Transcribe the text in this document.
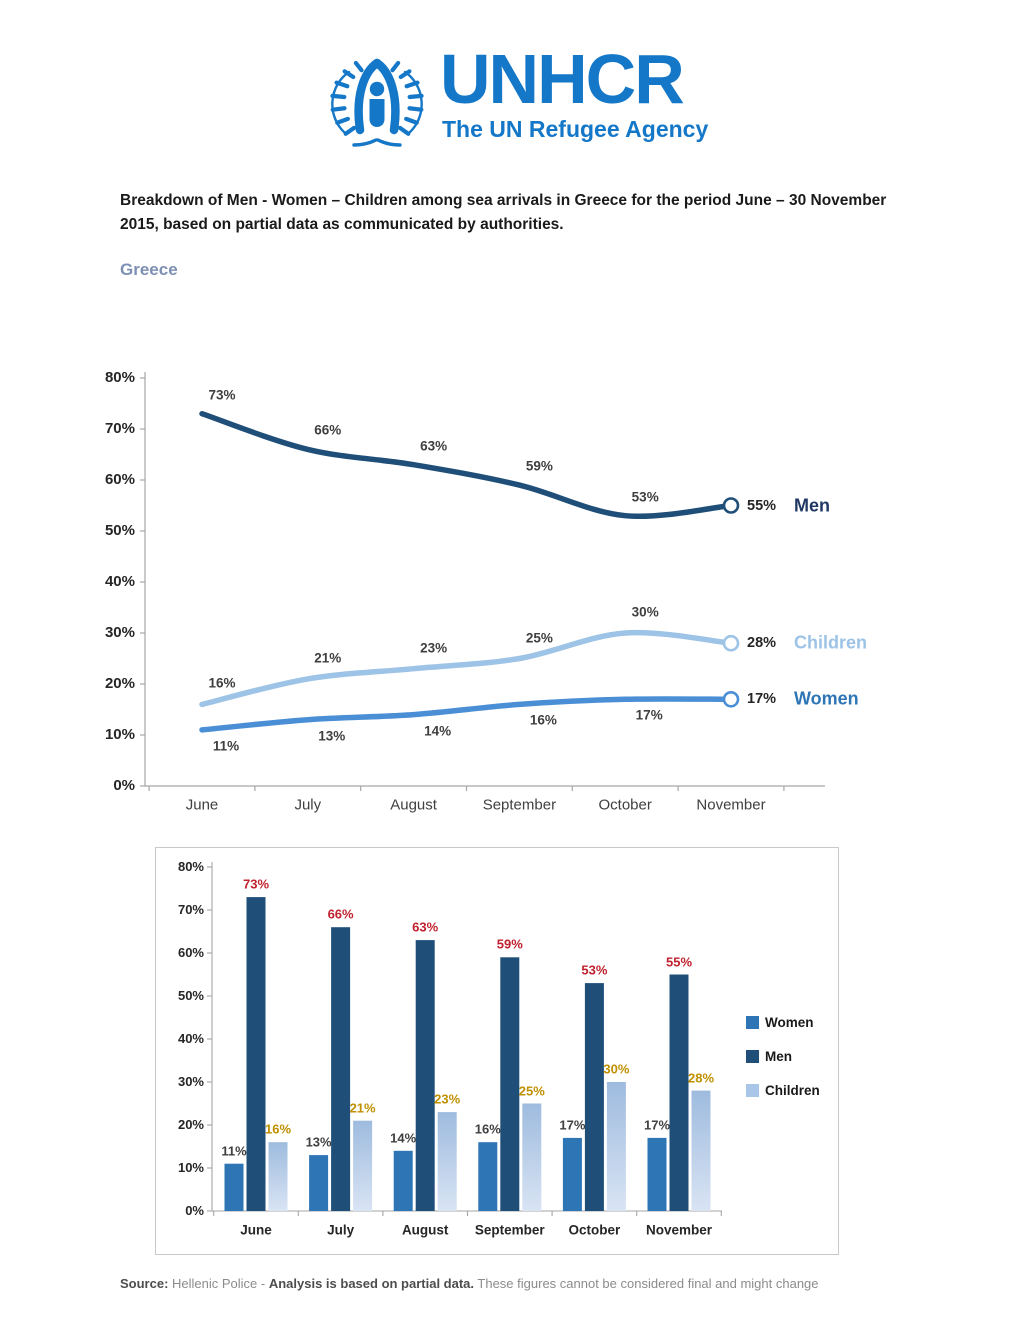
UNHCR
The UN Refugee Agency
Breakdown of Men - Women – Children among sea arrivals in Greece for the period June – 30 November 2015, based on partial data as communicated by authorities.
Greece
0%
10%
20%
30%
40%
50%
60%
70%
80%
June	July	August	September	October	November
73%
66%
63%
59%
53%
55% Men
16%
21%
23%
25%
30%
28% Children
11%
13%	14%
16%	17%
17% Women
0%
10%
20%
30%
40%
50%
60%
70%
80%
11%
73%
16%
June
13%
66%
21%
July
14%
63%
23%
August
16%
59%
25%
September
17%
53%
30%
October
17%
55%
28%
November
Women
Men
Children
Source: Hellenic Police - Analysis is based on partial data. These figures cannot be considered final and might change
